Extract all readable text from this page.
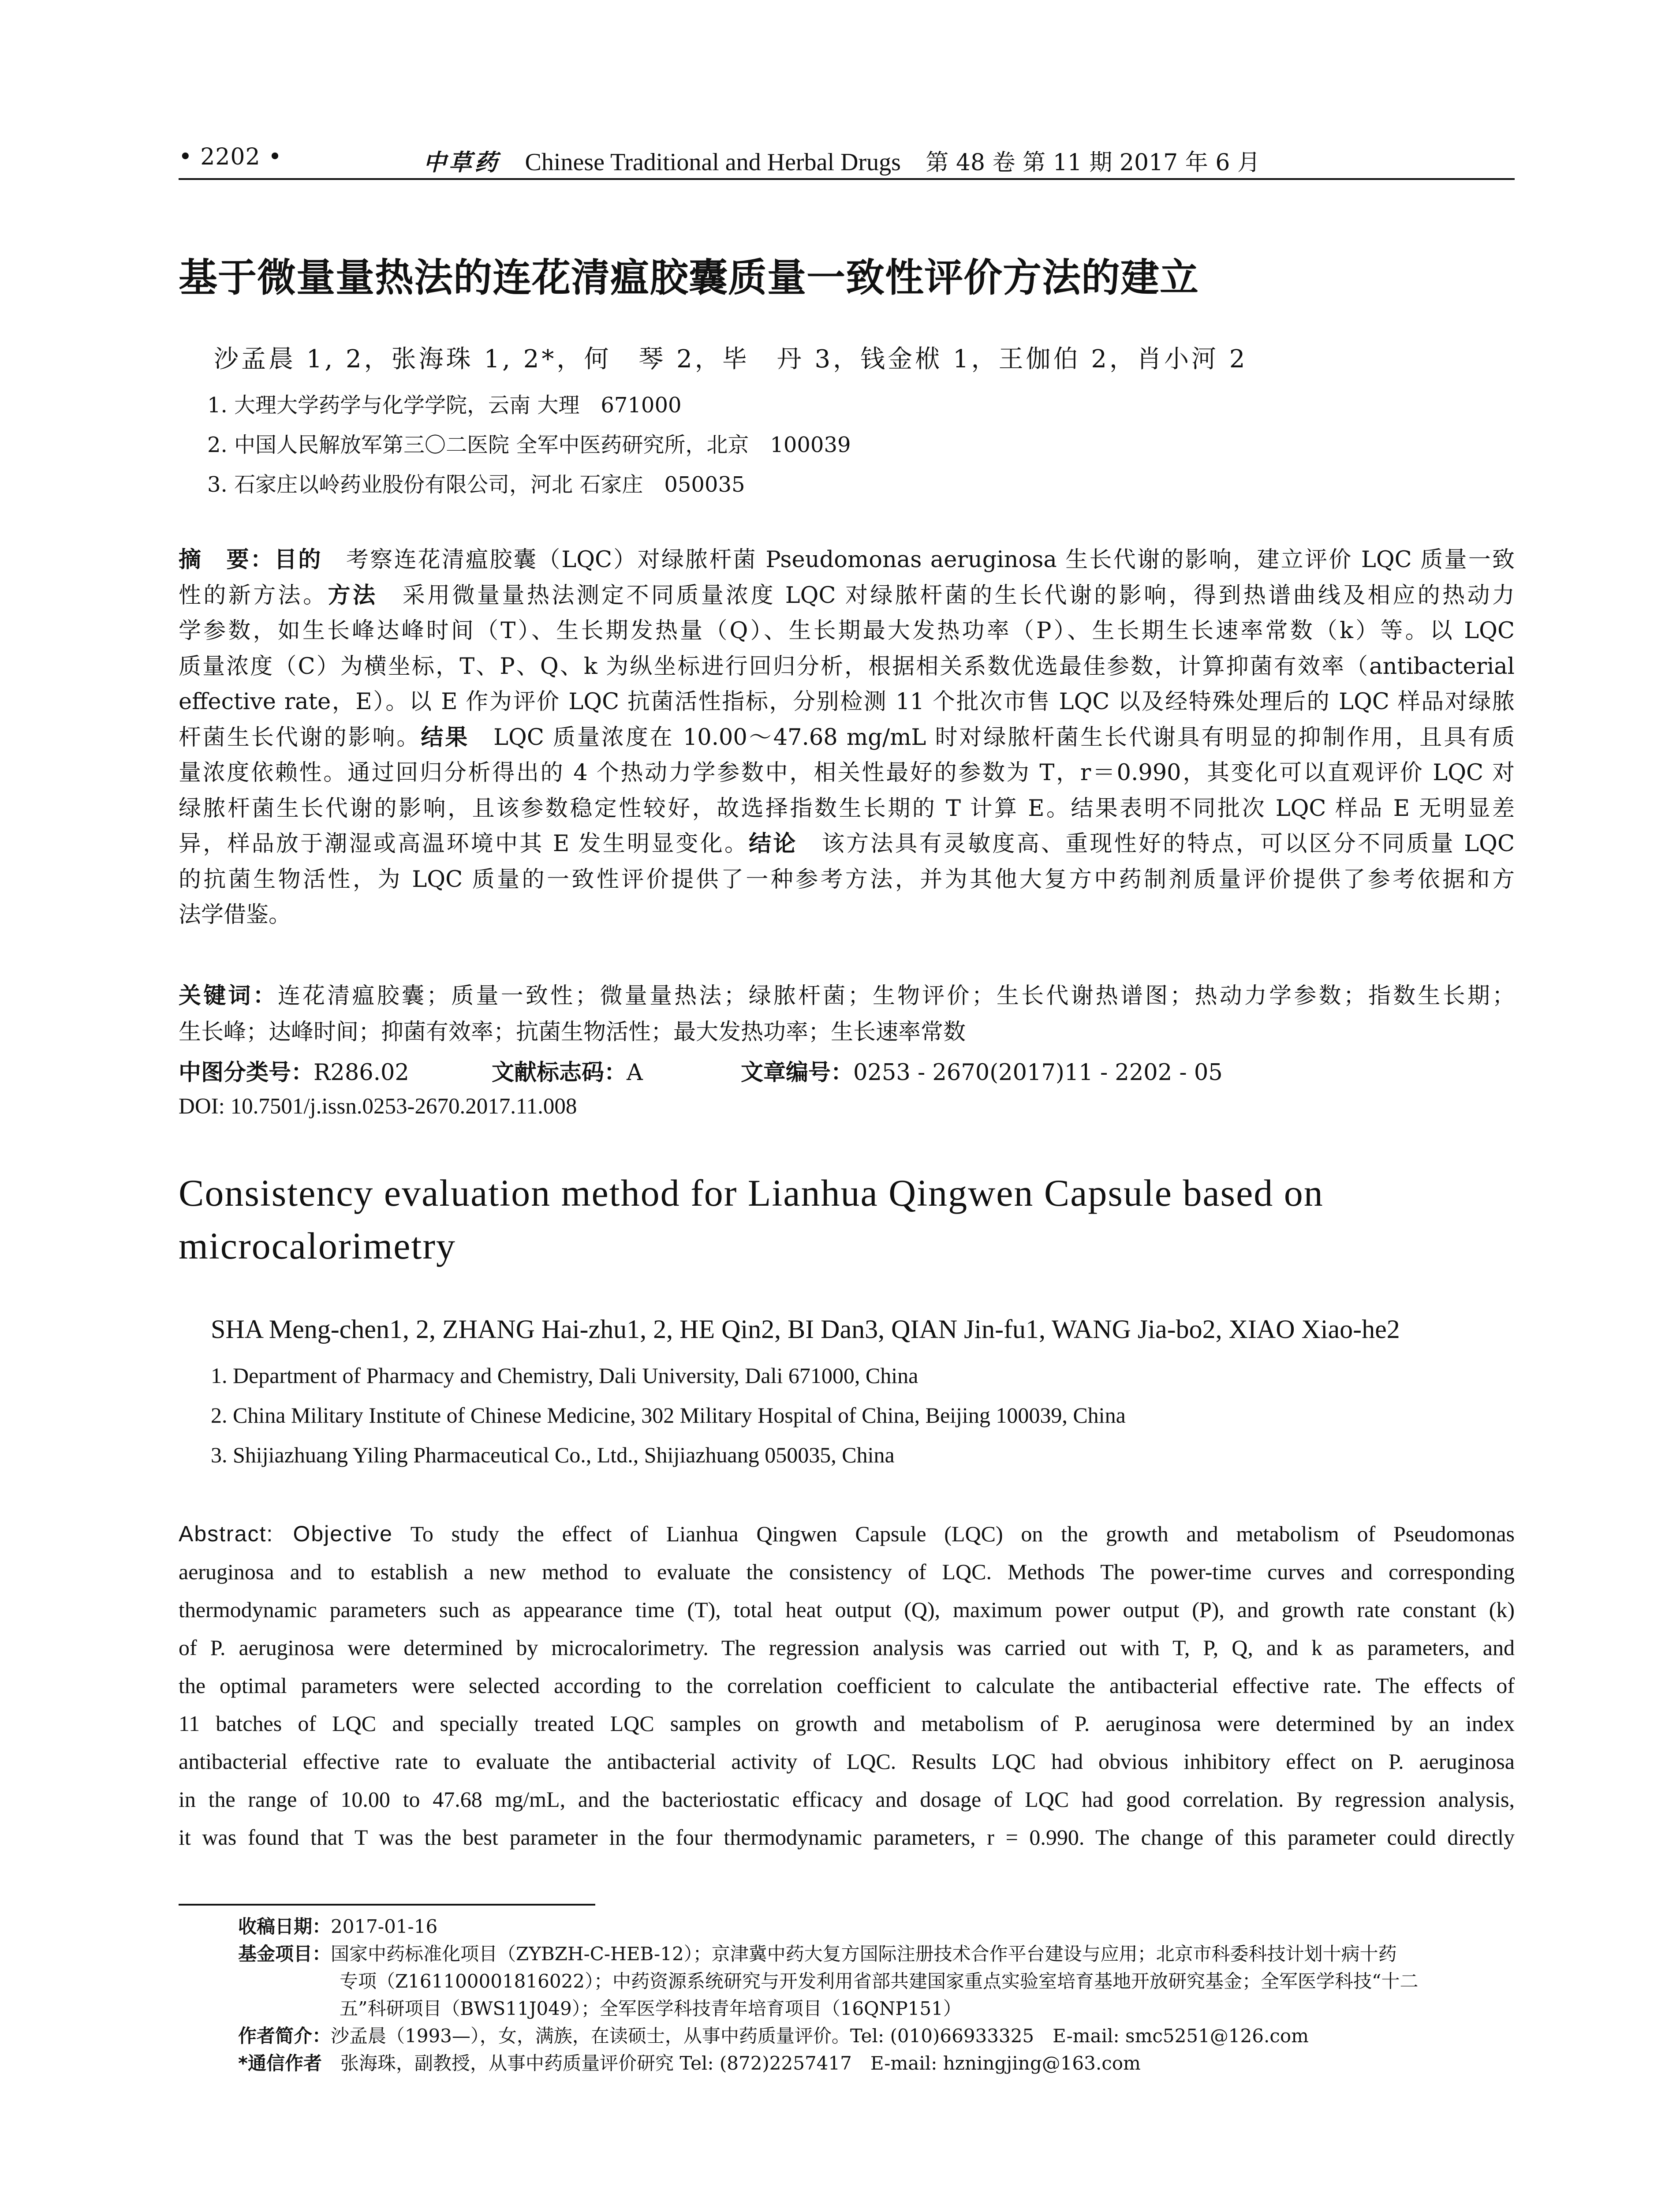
• 2202 •	中草药 Chinese Traditional and Herbal Drugs 第 48 卷 第 11 期 2017 年 6 月
基于微量量热法的连花清瘟胶囊质量一致性评价方法的建立
沙孟晨 1, 2，张海珠 1, 2*，何　琴 2，毕　丹 3，钱金栿 1，王伽伯 2，肖小河 2
1. 大理大学药学与化学学院，云南 大理　671000
2. 中国人民解放军第三〇二医院 全军中医药研究所，北京　100039
3. 石家庄以岭药业股份有限公司，河北 石家庄　050035
摘　要：目的　考察连花清瘟胶囊（LQC）对绿脓杆菌 Pseudomonas aeruginosa 生长代谢的影响，建立评价 LQC 质量一致
性的新方法。方法　采用微量量热法测定不同质量浓度 LQC 对绿脓杆菌的生长代谢的影响，得到热谱曲线及相应的热动力
学参数，如生长峰达峰时间（T）、生长期发热量（Q）、生长期最大发热功率（P）、生长期生长速率常数（k）等。以 LQC
质量浓度（C）为横坐标，T、P、Q、k 为纵坐标进行回归分析，根据相关系数优选最佳参数，计算抑菌有效率（antibacterial
effective rate，E）。以 E 作为评价 LQC 抗菌活性指标，分别检测 11 个批次市售 LQC 以及经特殊处理后的 LQC 样品对绿脓
杆菌生长代谢的影响。结果　LQC 质量浓度在 10.00～47.68 mg/mL 时对绿脓杆菌生长代谢具有明显的抑制作用，且具有质
量浓度依赖性。通过回归分析得出的 4 个热动力学参数中，相关性最好的参数为 T，r＝0.990，其变化可以直观评价 LQC 对
绿脓杆菌生长代谢的影响，且该参数稳定性较好，故选择指数生长期的 T 计算 E。结果表明不同批次 LQC 样品 E 无明显差
异，样品放于潮湿或高温环境中其 E 发生明显变化。结论　该方法具有灵敏度高、重现性好的特点，可以区分不同质量 LQC
的抗菌生物活性，为 LQC 质量的一致性评价提供了一种参考方法，并为其他大复方中药制剂质量评价提供了参考依据和方
法学借鉴。
关键词：连花清瘟胶囊；质量一致性；微量量热法；绿脓杆菌；生物评价；生长代谢热谱图；热动力学参数；指数生长期；
生长峰；达峰时间；抑菌有效率；抗菌生物活性；最大发热功率；生长速率常数
中图分类号：R286.02	文献标志码：A	文章编号：0253 - 2670(2017)11 - 2202 - 05
DOI: 10.7501/j.issn.0253-2670.2017.11.008
Consistency evaluation method for Lianhua Qingwen Capsule based on
microcalorimetry
SHA Meng-chen1, 2, ZHANG Hai-zhu1, 2, HE Qin2, BI Dan3, QIAN Jin-fu1, WANG Jia-bo2, XIAO Xiao-he2
1. Department of Pharmacy and Chemistry, Dali University, Dali 671000, China
2. China Military Institute of Chinese Medicine, 302 Military Hospital of China, Beijing 100039, China
3. Shijiazhuang Yiling Pharmaceutical Co., Ltd., Shijiazhuang 050035, China
Abstract: Objective To study the effect of Lianhua Qingwen Capsule (LQC) on the growth and metabolism of Pseudomonas
aeruginosa and to establish a new method to evaluate the consistency of LQC. Methods The power-time curves and corresponding
thermodynamic parameters such as appearance time (T), total heat output (Q), maximum power output (P), and growth rate constant (k)
of P. aeruginosa were determined by microcalorimetry. The regression analysis was carried out with T, P, Q, and k as parameters, and
the optimal parameters were selected according to the correlation coefficient to calculate the antibacterial effective rate. The effects of
11 batches of LQC and specially treated LQC samples on growth and metabolism of P. aeruginosa were determined by an index
antibacterial effective rate to evaluate the antibacterial activity of LQC. Results LQC had obvious inhibitory effect on P. aeruginosa
in the range of 10.00 to 47.68 mg/mL, and the bacteriostatic efficacy and dosage of LQC had good correlation. By regression analysis,
it was found that T was the best parameter in the four thermodynamic parameters, r = 0.990. The change of this parameter could directly
收稿日期： 2017-01-16
基金项目： 国家中药标准化项目（ZYBZH-C-HEB-12）；京津冀中药大复方国际注册技术合作平台建设与应用；北京市科委科技计划十病十药
专项（Z161100001816022）；中药资源系统研究与开发利用省部共建国家重点实验室培育基地开放研究基金；全军医学科技“十二
五”科研项目（BWS11J049）；全军医学科技青年培育项目（16QNP151）
作者简介： 沙孟晨（1993—），女，满族，在读硕士，从事中药质量评价。Tel: (010)66933325　E-mail: smc5251@126.com
*通信作者 　张海珠，副教授，从事中药质量评价研究 Tel: (872)2257417　E-mail: hzningjing@163.com
